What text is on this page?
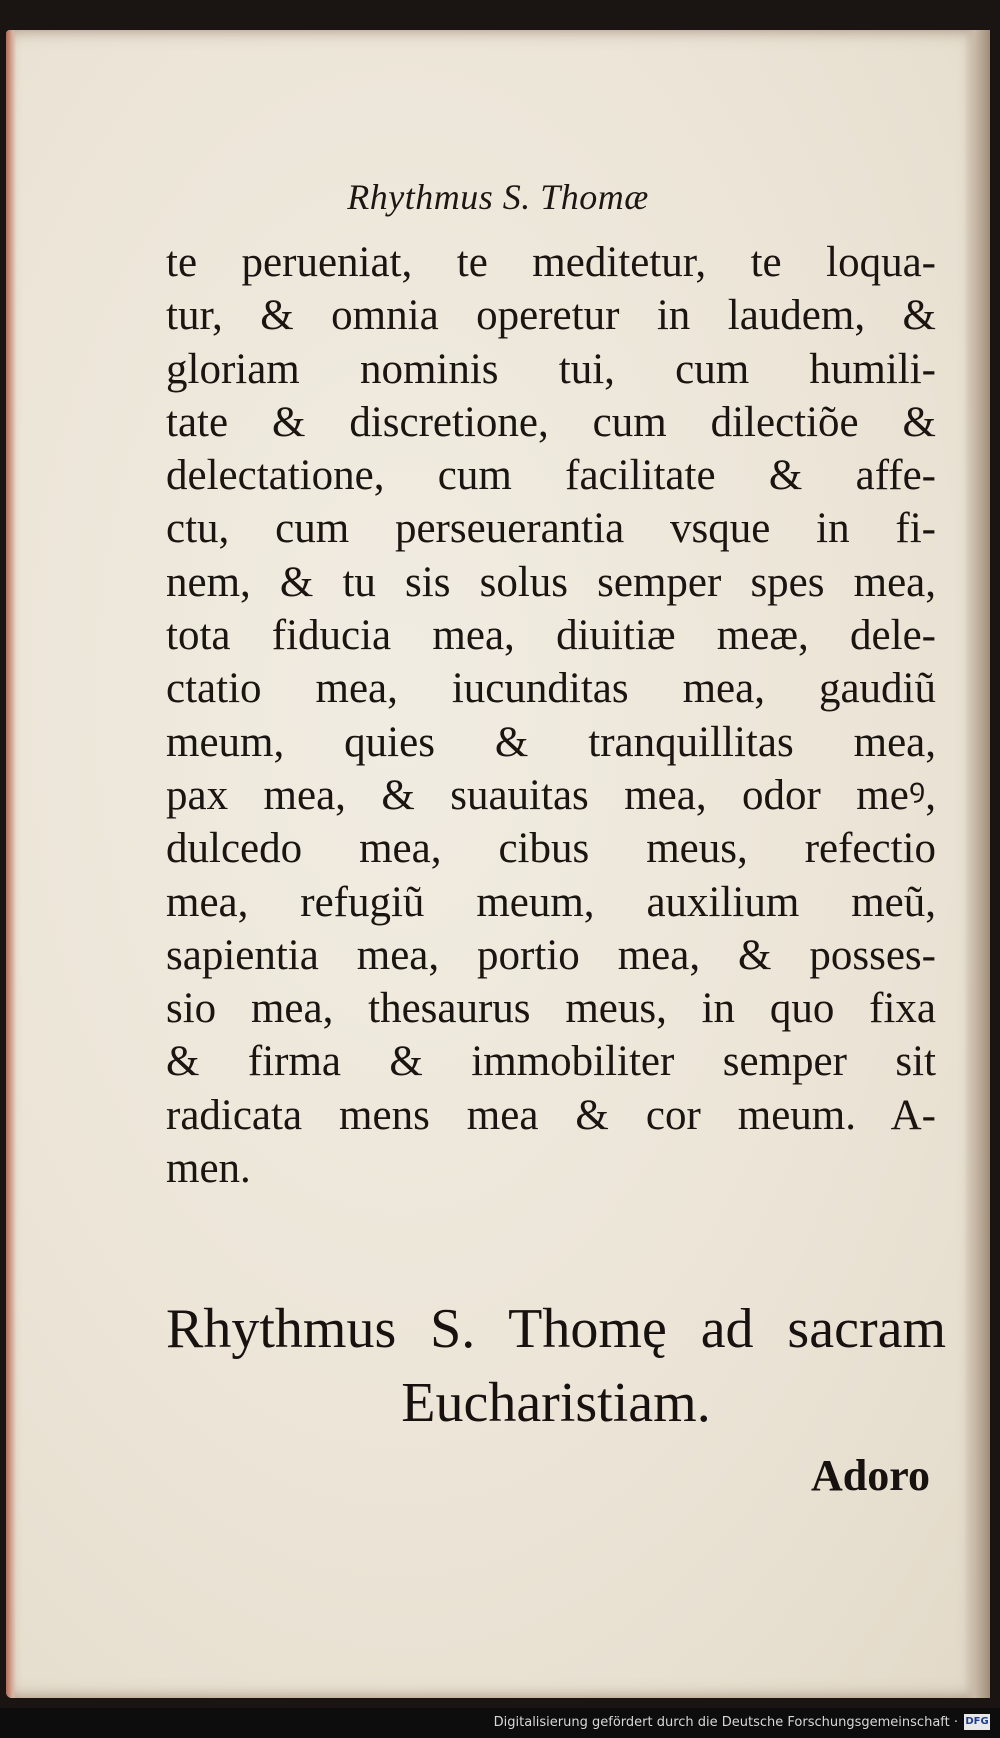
Rhythmus S. Thomæ
te perueniat, te meditetur, te loqua-
tur, & omnia operetur in laudem, &
gloriam nominis tui, cum humili-
tate & discretione, cum dilectiõe &
delectatione, cum facilitate & affe-
ctu, cum perseuerantia vsque in fi-
nem, & tu sis solus semper spes mea,
tota fiducia mea, diuitiæ meæ, dele-
ctatio mea, iucunditas mea, gaudiũ
meum, quies & tranquillitas mea,
pax mea, & suauitas mea, odor meꝰ,
dulcedo mea, cibus meus, refectio
mea, refugiũ meum, auxilium meũ,
sapientia mea, portio mea, & posses-
sio mea, thesaurus meus, in quo fixa
& firma & immobiliter semper sit
radicata mens mea & cor meum. A-
men.
Rhythmus S. Thomę ad sacram
Eucharistiam.
Adoro
Digitalisierung gefördert durch die Deutsche Forschungsgemeinschaft · DFG
